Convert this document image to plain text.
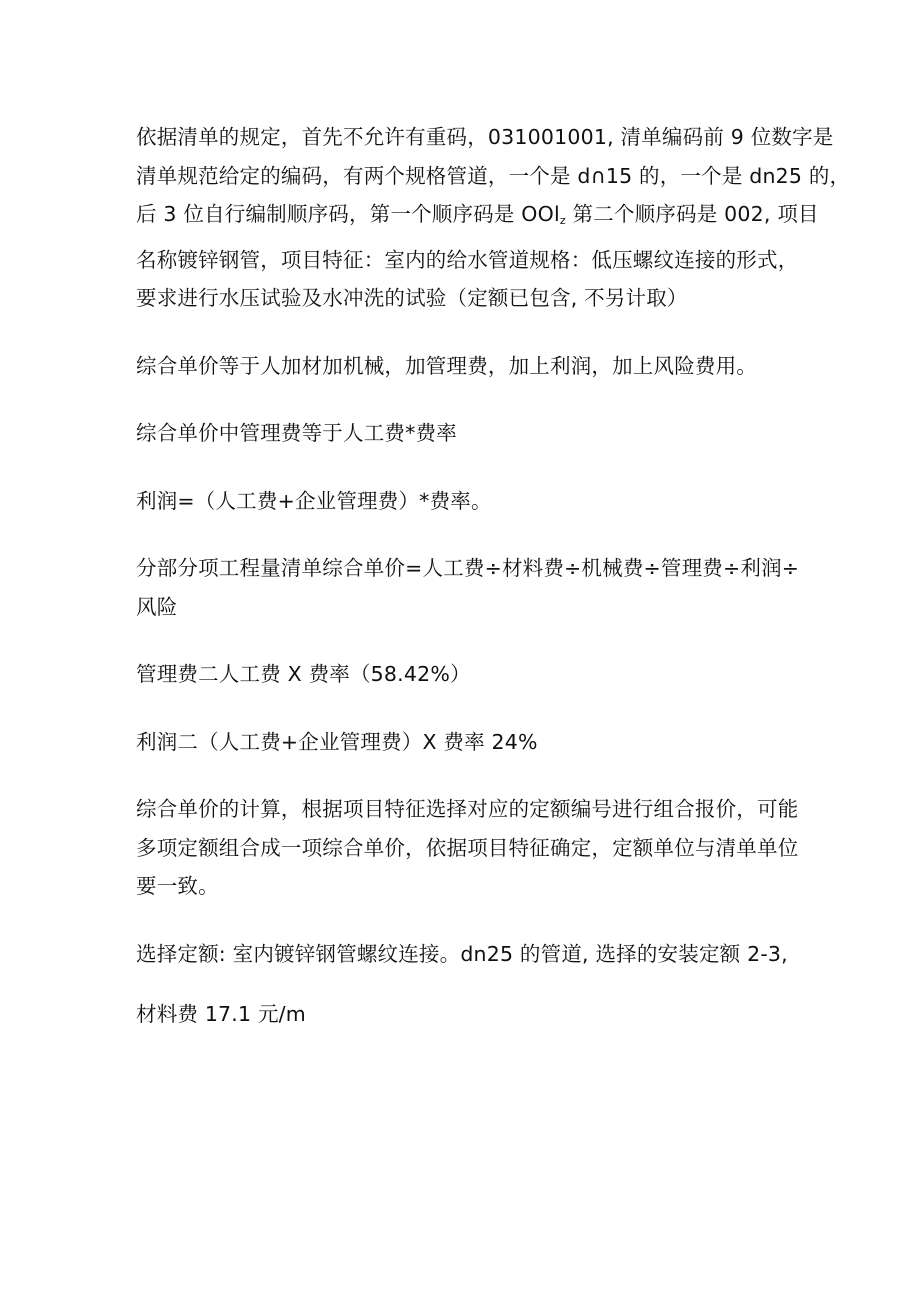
依据清单的规定，首先不允许有重码，031001001, 清单编码前 9 位数字是
清单规范给定的编码，有两个规格管道，一个是 d∩15 的，一个是 dn25 的，
后 3 位自行编制顺序码，第一个顺序码是 OOl$_z$ 第二个顺序码是 002, 项目
名称镀锌钢管，项目特征：室内的给水管道规格：低压螺纹连接的形式，
要求进行水压试验及水冲洗的试验（定额已包含, 不另计取）

综合单价等于人加材加机械，加管理费，加上利润，加上风险费用。

综合单价中管理费等于人工费*费率

利润=（人工费+企业管理费）*费率。

分部分项工程量清单综合单价=人工费÷材料费÷机械费÷管理费÷利润÷
风险

管理费二人工费 X 费率（58.42%）

利润二（人工费+企业管理费）X 费率 24%

综合单价的计算，根据项目特征选择对应的定额编号进行组合报价，可能
多项定额组合成一项综合单价，依据项目特征确定，定额单位与清单单位
要一致。

选择定额: 室内镀锌钢管螺纹连接。dn25 的管道, 选择的安装定额 2-3,

材料费 17.1 元/m
